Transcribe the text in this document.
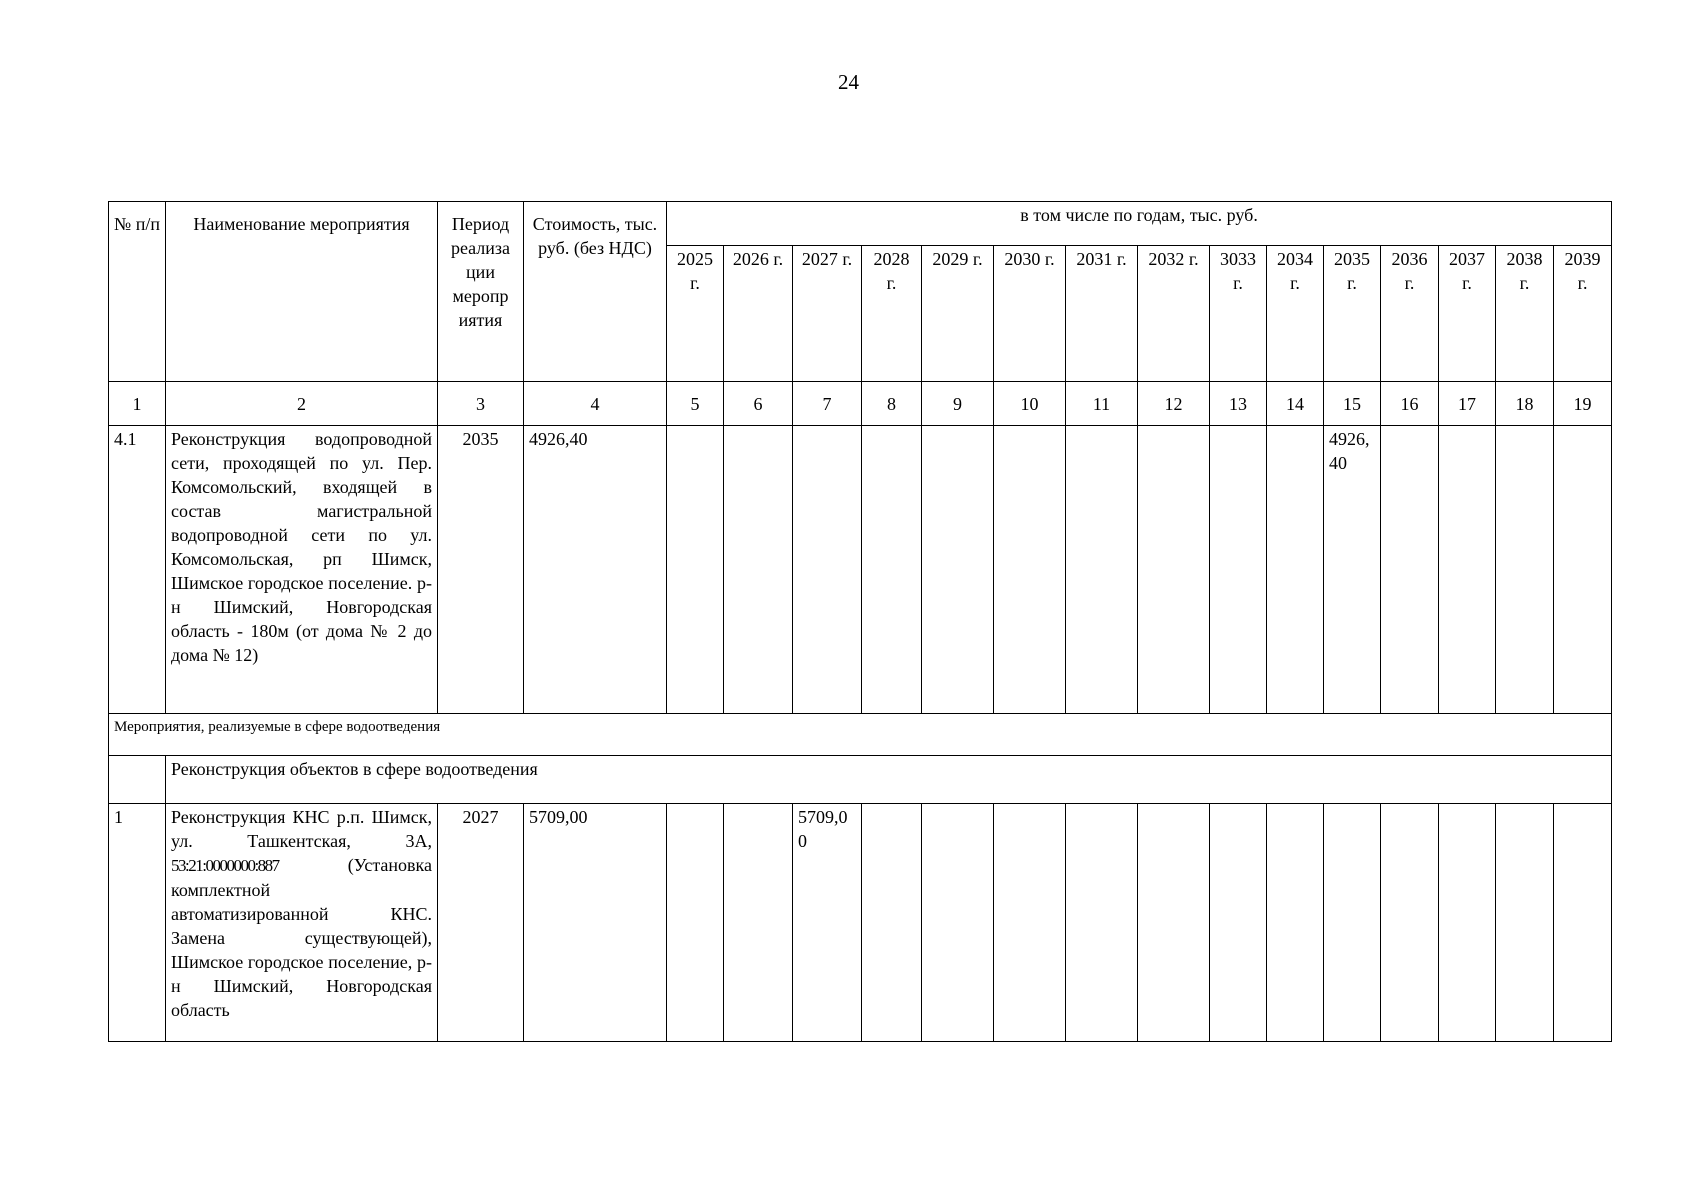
24
№ п/п	Наименование мероприятия	Период реализа ции меропр иятия	Стоимость, тыс. руб. (без НДС)	в том числе по годам, тыс. руб.														
				2025 г.	2026 г.	2027 г.	2028 г.	2029 г.	2030 г.	2031 г.	2032 г.	3033 г.	2034 г.	2035 г.	2036 г.	2037 г.	2038 г.	2039 г.
1	2	3	4	5	6	7	8	9	10	11	12	13	14	15	16	17	18	19
4.1	Реконструкция водопроводной сети, проходящей по ул. Пер. Комсомольский, входящей в состав магистральной водопроводной сети по ул. Комсомольская, рп Шимск, Шимское городское поселение. р-н Шимский, Новгородская область - 180м (от дома № 2 до дома № 12)	2035	4926,40											4926,40				
Мероприятия, реализуемые в сфере водоотведения																		
	Реконструкция объектов в сфере водоотведения																	
1	Реконструкция КНС р.п. Шимск, ул. Ташкентская, 3А, 53:21:0000000:887 (Установка комплектной автоматизированной КНС. Замена существующей), Шимское городское поселение, р-н Шимский, Новгородская область	2027	5709,00			5709,00												
